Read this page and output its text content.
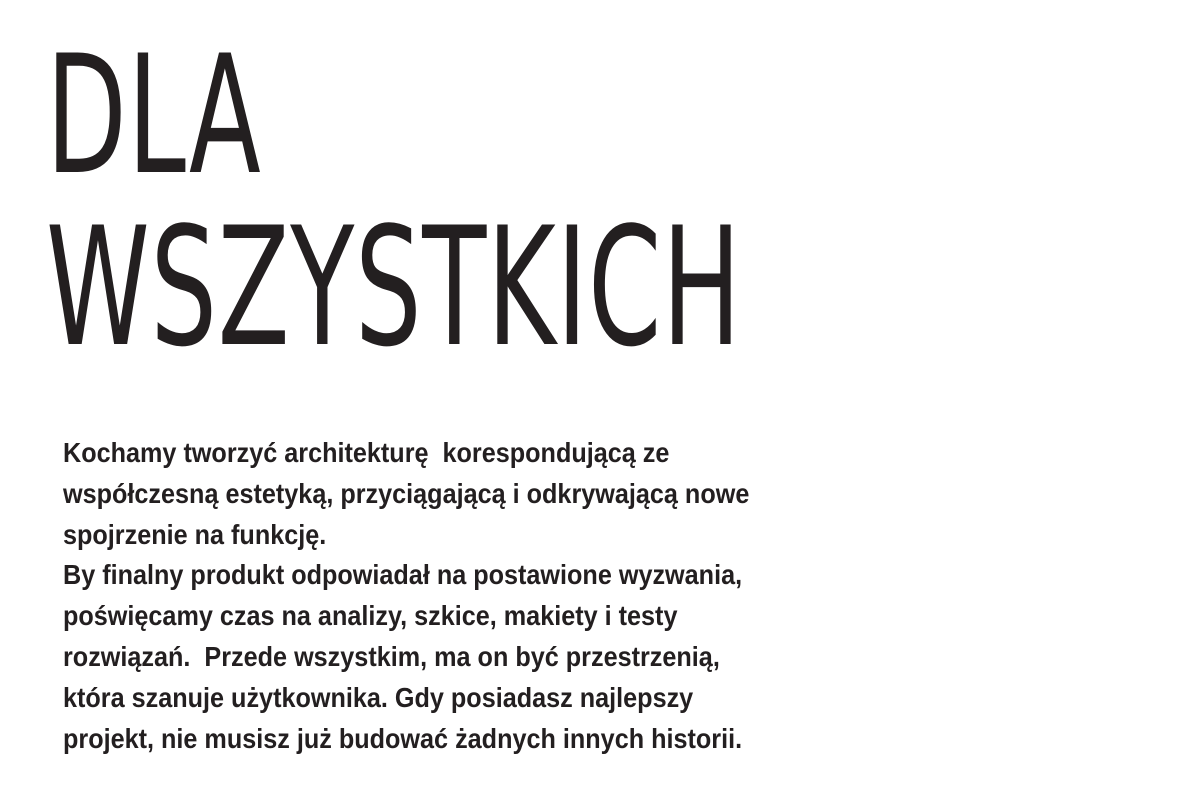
DLA
WSZYSTKICH
Kochamy tworzyć architekturę  korespondującą ze
współczesną estetyką, przyciągającą i odkrywającą nowe
spojrzenie na funkcję.
By finalny produkt odpowiadał na postawione wyzwania,
poświęcamy czas na analizy, szkice, makiety i testy
rozwiązań.  Przede wszystkim, ma on być przestrzenią,
która szanuje użytkownika. Gdy posiadasz najlepszy
projekt, nie musisz już budować żadnych innych historii.
